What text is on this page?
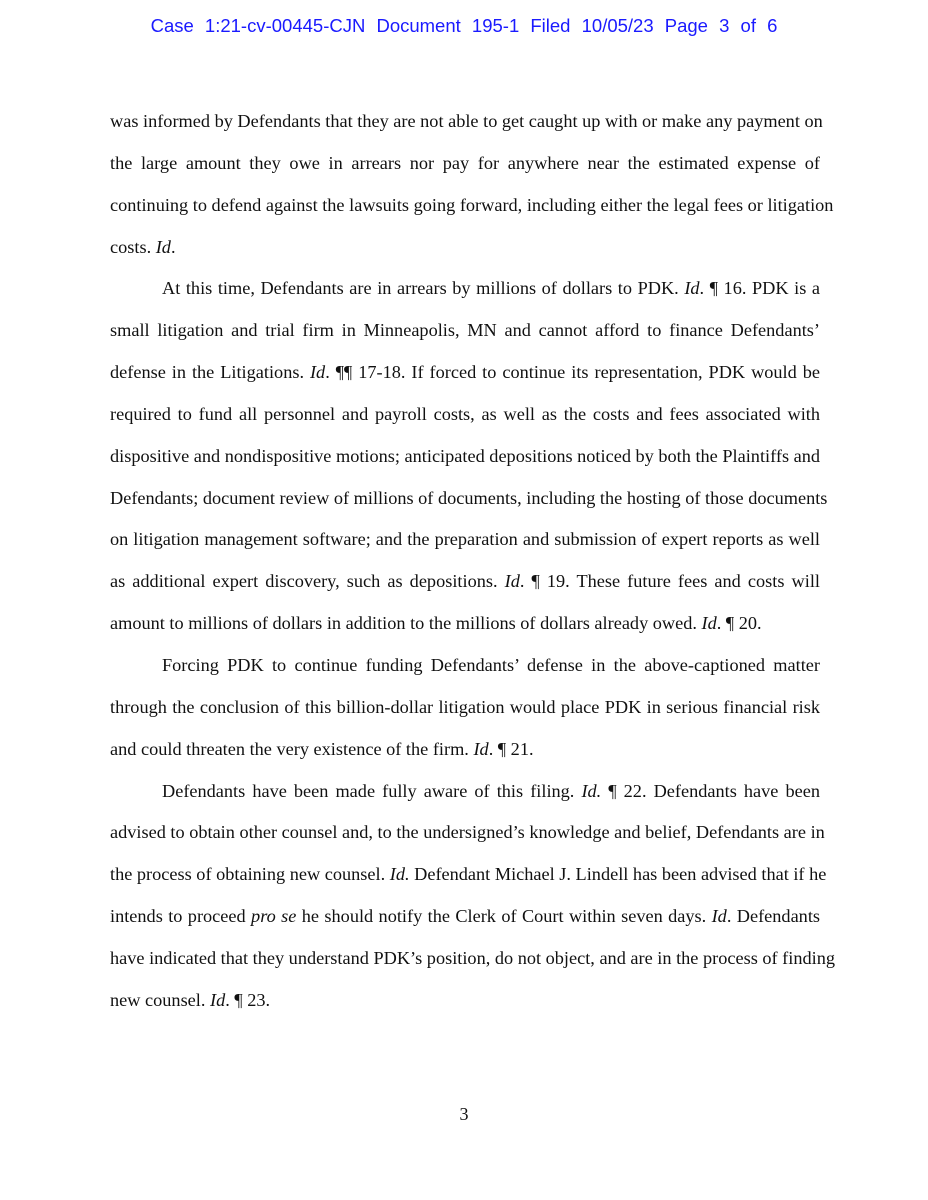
Case 1:21-cv-00445-CJN Document 195-1 Filed 10/05/23 Page 3 of 6
was informed by Defendants that they are not able to get caught up with or make any payment on
the large amount they owe in arrears nor pay for anywhere near the estimated expense of
continuing to defend against the lawsuits going forward, including either the legal fees or litigation
costs. Id.
At this time, Defendants are in arrears by millions of dollars to PDK. Id. ¶ 16. PDK is a
small litigation and trial firm in Minneapolis, MN and cannot afford to finance Defendants’
defense in the Litigations. Id. ¶¶ 17-18. If forced to continue its representation, PDK would be
required to fund all personnel and payroll costs, as well as the costs and fees associated with
dispositive and nondispositive motions; anticipated depositions noticed by both the Plaintiffs and
Defendants; document review of millions of documents, including the hosting of those documents
on litigation management software; and the preparation and submission of expert reports as well
as additional expert discovery, such as depositions. Id. ¶ 19. These future fees and costs will
amount to millions of dollars in addition to the millions of dollars already owed. Id. ¶ 20.
Forcing PDK to continue funding Defendants’ defense in the above-captioned matter
through the conclusion of this billion-dollar litigation would place PDK in serious financial risk
and could threaten the very existence of the firm. Id. ¶ 21.
Defendants have been made fully aware of this filing. Id. ¶ 22. Defendants have been
advised to obtain other counsel and, to the undersigned’s knowledge and belief, Defendants are in
the process of obtaining new counsel. Id. Defendant Michael J. Lindell has been advised that if he
intends to proceed pro se he should notify the Clerk of Court within seven days. Id. Defendants
have indicated that they understand PDK’s position, do not object, and are in the process of finding
new counsel. Id. ¶ 23.
3
